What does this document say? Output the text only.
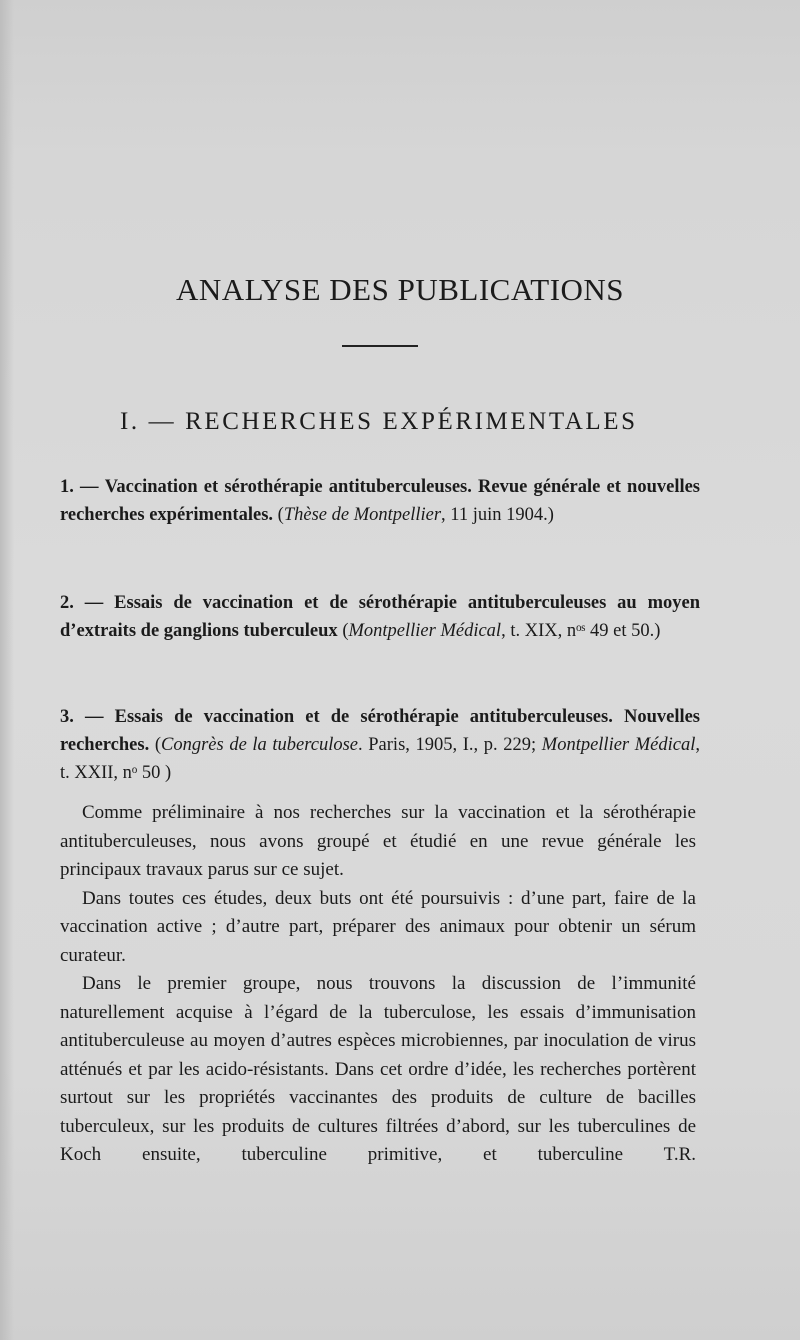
ANALYSE DES PUBLICATIONS
I. — RECHERCHES EXPÉRIMENTALES

1. — Vaccination et sérothérapie antituberculeuses. Revue générale et nouvelles recherches expérimentales. (Thèse de Montpellier, 11 juin 1904.)

2. — Essais de vaccination et de sérothérapie antituberculeuses au moyen d’extraits de ganglions tuberculeux (Montpellier Médical, t. XIX, nᵒˢ 49 et 50.)

3. — Essais de vaccination et de sérothérapie antituberculeuses. Nouvelles recherches. (Congrès de la tuberculose. Paris, 1905, I., p. 229; Montpellier Médical, t. XXII, nᵒ 50 )

Comme préliminaire à nos recherches sur la vaccination et la sérothérapie antituberculeuses, nous avons groupé et étudié en une revue générale les principaux travaux parus sur ce sujet.

Dans toutes ces études, deux buts ont été poursuivis : d’une part, faire de la vaccination active ; d’autre part, préparer des animaux pour obtenir un sérum curateur.

Dans le premier groupe, nous trouvons la discussion de l’immunité naturellement acquise à l’égard de la tuberculose, les essais d’immunisation antituberculeuse au moyen d’autres espèces microbiennes, par inoculation de virus atténués et par les acido-résistants. Dans cet ordre d’idée, les recherches portèrent surtout sur les propriétés vaccinantes des produits de culture de bacilles tuberculeux, sur les produits de cultures filtrées d’abord, sur les tuberculines de Koch ensuite, tuberculine primitive, et tuberculine T.R.
